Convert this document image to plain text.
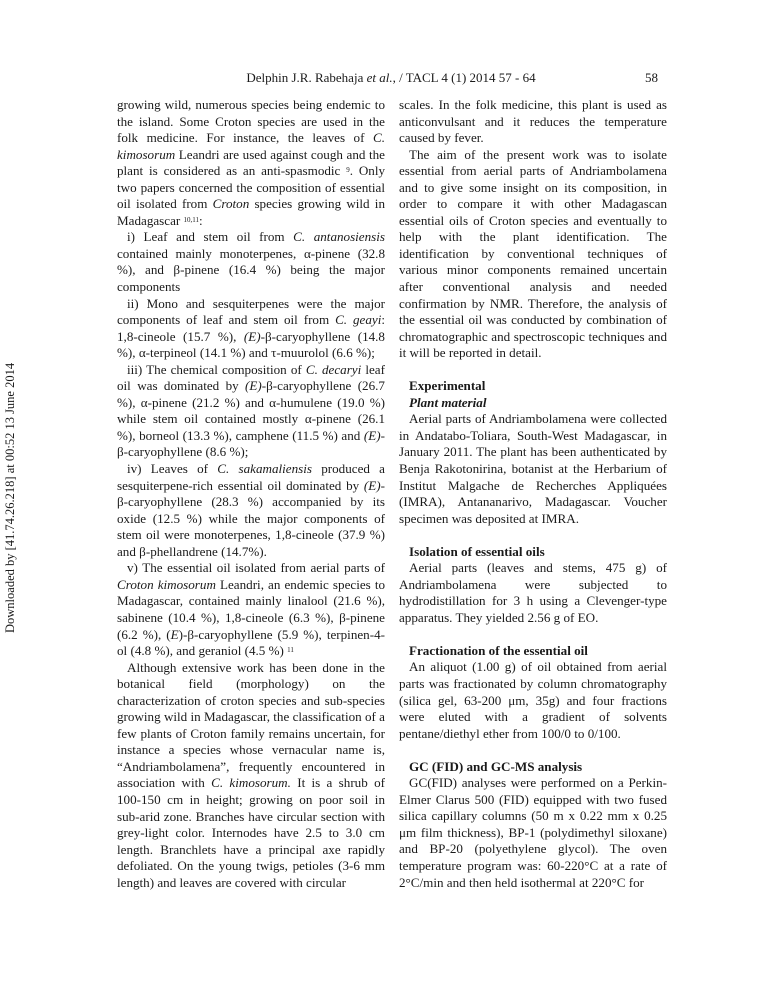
Delphin J.R. Rabehaja et al., / TACL 4 (1) 2014 57 - 64	58
Downloaded by [41.74.26.218] at 00:52 13 June 2014

growing wild, numerous species being endemic to the island. Some Croton species are used in the folk medicine. For instance, the leaves of C. kimosorum Leandri are used against cough and the plant is considered as an anti-spasmodic $^9$. Only two papers concerned the composition of essential oil isolated from Croton species growing wild in Madagascar $^{10,11}$:

i) Leaf and stem oil from C. antanosiensis contained mainly monoterpenes, α-pinene (32.8 %), and β-pinene (16.4 %) being the major components

ii) Mono and sesquiterpenes were the major components of leaf and stem oil from C. geayi: 1,8-cineole (15.7 %), (E)-β-caryophyllene (14.8 %), α-terpineol (14.1 %) and τ-muurolol (6.6 %);

iii) The chemical composition of C. decaryi leaf oil was dominated by (E)-β-caryophyllene (26.7 %), α-pinene (21.2 %) and α-humulene (19.0 %) while stem oil contained mostly α-pinene (26.1 %), borneol (13.3 %), camphene (11.5 %) and (E)-β-caryophyllene (8.6 %);

iv) Leaves of C. sakamaliensis produced a sesquiterpene-rich essential oil dominated by (E)-β-caryophyllene (28.3 %) accompanied by its oxide (12.5 %) while the major components of stem oil were monoterpenes, 1,8-cineole (37.9 %) and β-phellandrene (14.7%).

v) The essential oil isolated from aerial parts of Croton kimosorum Leandri, an endemic species to Madagascar, contained mainly linalool (21.6 %), sabinene (10.4 %), 1,8-cineole (6.3 %), β-pinene (6.2 %), (E)-β-caryophyllene (5.9 %), terpinen-4-ol (4.8 %), and geraniol (4.5 %) $^{11}$

Although extensive work has been done in the botanical field (morphology) on the characterization of croton species and sub-species growing wild in Madagascar, the classification of a few plants of Croton family remains uncertain, for instance a species whose vernacular name is, “Andriambolamena”, frequently encountered in association with C. kimosorum. It is a shrub of 100-150 cm in height; growing on poor soil in sub-arid zone. Branches have circular section with grey-light color. Internodes have 2.5 to 3.0 cm length. Branchlets have a principal axe rapidly defoliated. On the young twigs, petioles (3-6 mm length) and leaves are covered with circular

scales. In the folk medicine, this plant is used as anticonvulsant and it reduces the temperature caused by fever.

The aim of the present work was to isolate essential from aerial parts of Andriambolamena and to give some insight on its composition, in order to compare it with other Madagascan essential oils of Croton species and eventually to help with the plant identification. The identification by conventional techniques of various minor components remained uncertain after conventional analysis and needed confirmation by NMR. Therefore, the analysis of the essential oil was conducted by combination of chromatographic and spectroscopic techniques and it will be reported in detail.

Experimental

Plant material

Aerial parts of Andriambolamena were collected in Andatabo-Toliara, South-West Madagascar, in January 2011. The plant has been authenticated by Benja Rakotonirina, botanist at the Herbarium of Institut Malgache de Recherches Appliquées (IMRA), Antananarivo, Madagascar. Voucher specimen was deposited at IMRA.

Isolation of essential oils

Aerial parts (leaves and stems, 475 g) of Andriambolamena were subjected to hydrodistillation for 3 h using a Clevenger-type apparatus. They yielded 2.56 g of EO.

Fractionation of the essential oil

An aliquot (1.00 g) of oil obtained from aerial parts was fractionated by column chromatography (silica gel, 63-200 μm, 35g) and four fractions were eluted with a gradient of solvents pentane/diethyl ether from 100/0 to 0/100.

GC (FID) and GC-MS analysis

GC(FID) analyses were performed on a Perkin-Elmer Clarus 500 (FID) equipped with two fused silica capillary columns (50 m x 0.22 mm x 0.25 μm film thickness), BP-1 (polydimethyl siloxane) and BP-20 (polyethylene glycol). The oven temperature program was: 60-220°C at a rate of 2°C/min and then held isothermal at 220°C for
